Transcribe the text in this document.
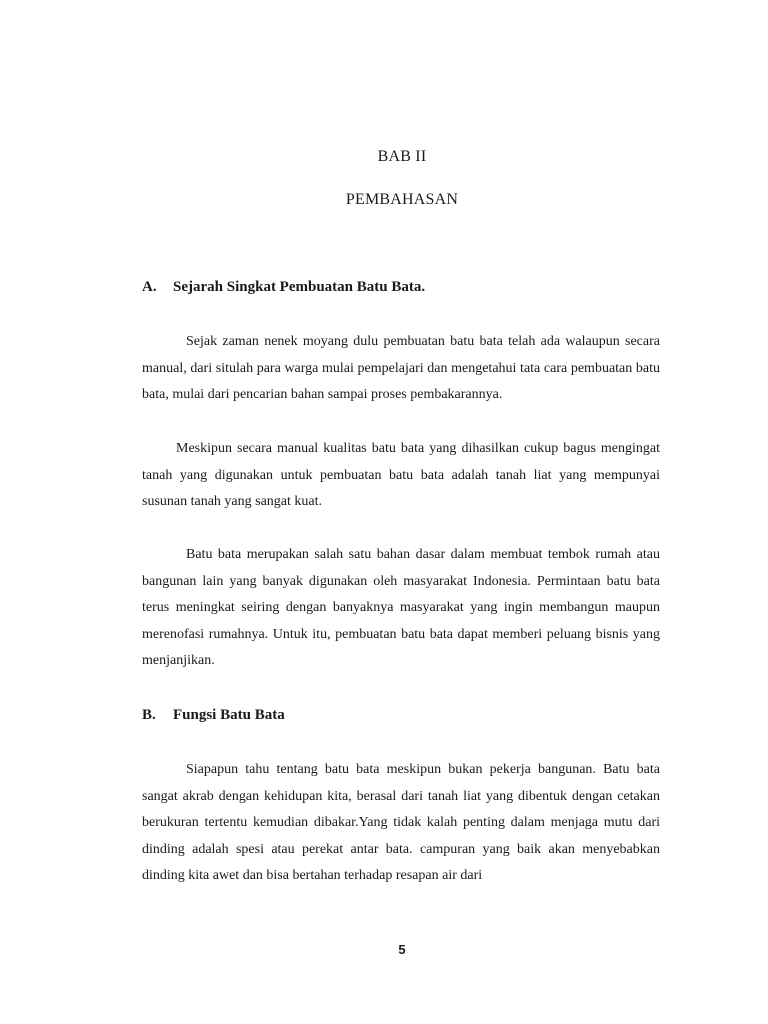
BAB II
PEMBAHASAN
A. Sejarah Singkat Pembuatan Batu Bata.

Sejak zaman nenek moyang dulu pembuatan batu bata telah ada walaupun secara manual, dari situlah para warga mulai pempelajari dan mengetahui tata cara pembuatan batu bata, mulai dari pencarian bahan sampai proses pembakarannya.

Meskipun secara manual kualitas batu bata yang dihasilkan cukup bagus mengingat tanah yang digunakan untuk pembuatan batu bata adalah tanah liat yang mempunyai susunan tanah yang sangat kuat.

Batu bata merupakan salah satu bahan dasar dalam membuat tembok rumah atau bangunan lain yang banyak digunakan oleh masyarakat Indonesia. Permintaan batu bata terus meningkat seiring dengan banyaknya masyarakat yang ingin membangun maupun merenofasi rumahnya. Untuk itu, pembuatan batu bata dapat memberi peluang bisnis yang menjanjikan.

B. Fungsi Batu Bata

Siapapun tahu tentang batu bata meskipun bukan pekerja bangunan. Batu bata sangat akrab dengan kehidupan kita, berasal dari tanah liat yang dibentuk dengan cetakan berukuran tertentu kemudian dibakar.Yang tidak kalah penting dalam menjaga mutu dari dinding adalah spesi atau perekat antar bata. campuran yang baik akan menyebabkan dinding kita awet dan bisa bertahan terhadap resapan air dari

5
